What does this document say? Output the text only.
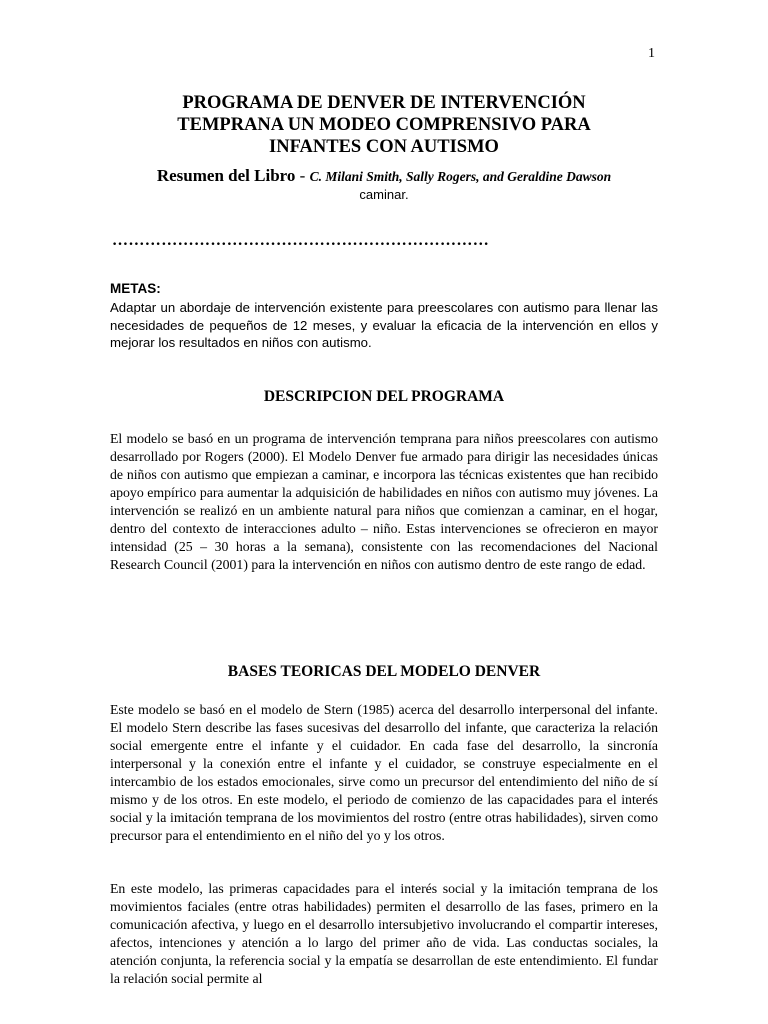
1
PROGRAMA DE DENVER DE INTERVENCIÓN
TEMPRANA UN MODEO COMPRENSIVO PARA
INFANTES CON AUTISMO
Resumen del Libro - C. Milani Smith, Sally Rogers, and Geraldine Dawson
caminar.
……………………………………………………………
METAS:

Adaptar un abordaje de intervención existente para preescolares con autismo para llenar las necesidades de pequeños de 12 meses, y evaluar la eficacia de la intervención en ellos y mejorar los resultados en niños con autismo.

DESCRIPCION DEL PROGRAMA

El modelo se basó en un programa de intervención temprana para niños preescolares con autismo desarrollado por Rogers (2000). El Modelo Denver fue armado para dirigir las necesidades únicas de niños con autismo que empiezan a caminar, e incorpora las técnicas existentes que han recibido apoyo empírico para aumentar la adquisición de habilidades en niños con autismo muy jóvenes. La intervención se realizó en un ambiente natural para niños que comienzan a caminar, en el hogar, dentro del contexto de interacciones adulto – niño. Estas intervenciones se ofrecieron en mayor intensidad (25 – 30 horas a la semana), consistente con las recomendaciones del Nacional Research Council (2001) para la intervención en niños con autismo dentro de este rango de edad.

BASES TEORICAS DEL MODELO DENVER

Este modelo se basó en el modelo de Stern (1985) acerca del desarrollo interpersonal del infante. El modelo Stern describe las fases sucesivas del desarrollo del infante, que caracteriza la relación social emergente entre el infante y el cuidador. En cada fase del desarrollo, la sincronía interpersonal y la conexión entre el infante y el cuidador, se construye especialmente en el intercambio de los estados emocionales, sirve como un precursor del entendimiento del niño de sí mismo y de los otros. En este modelo, el periodo de comienzo de las capacidades para el interés social y la imitación temprana de los movimientos del rostro (entre otras habilidades), sirven como precursor para el entendimiento en el niño del yo y los otros.

En este modelo, las primeras capacidades para el interés social y la imitación temprana de los movimientos faciales (entre otras habilidades) permiten el desarrollo de las fases, primero en la comunicación afectiva, y luego en el desarrollo intersubjetivo involucrando el compartir intereses, afectos, intenciones y atención a lo largo del primer año de vida. Las conductas sociales, la atención conjunta, la referencia social y la empatía se desarrollan de este entendimiento. El fundar la relación social permite al
